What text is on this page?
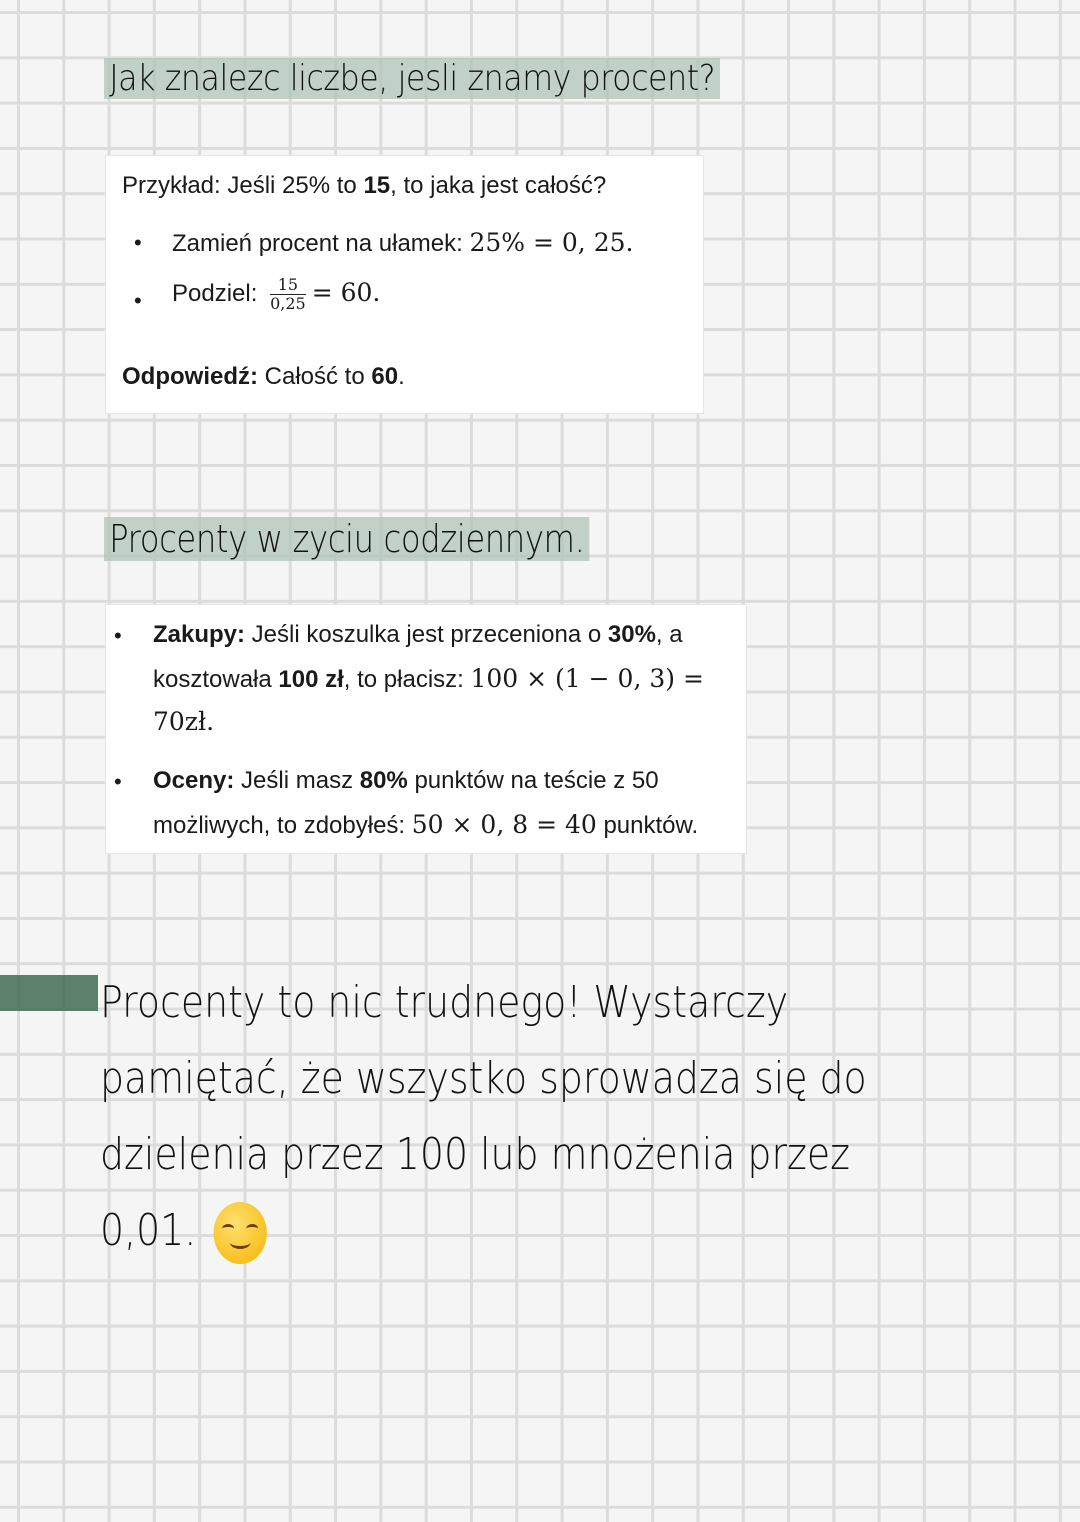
Jak znalezc liczbe, jesli znamy procent?
Przykład: Jeśli 25% to 15, to jaka jest całość?
• Zamień procent na ułamek: 25% = 0, 25.
• Podziel: $\frac{15}{0,25} = 60$.
Odpowiedź: Całość to 60.
Procenty w zyciu codziennym.
• Zakupy: Jeśli koszulka jest przeceniona o 30%, a
kosztowała 100 zł, to płacisz: 100 × (1 − 0, 3) =
70zł.
• Oceny: Jeśli masz 80% punktów na teście z 50
możliwych, to zdobyłeś: 50 × 0, 8 = 40 punktów.
Procenty to nic trudnego! Wystarczy pamiętać, że wszystko sprowadza się do dzielenia przez 100 lub mnożenia przez 0,01.
